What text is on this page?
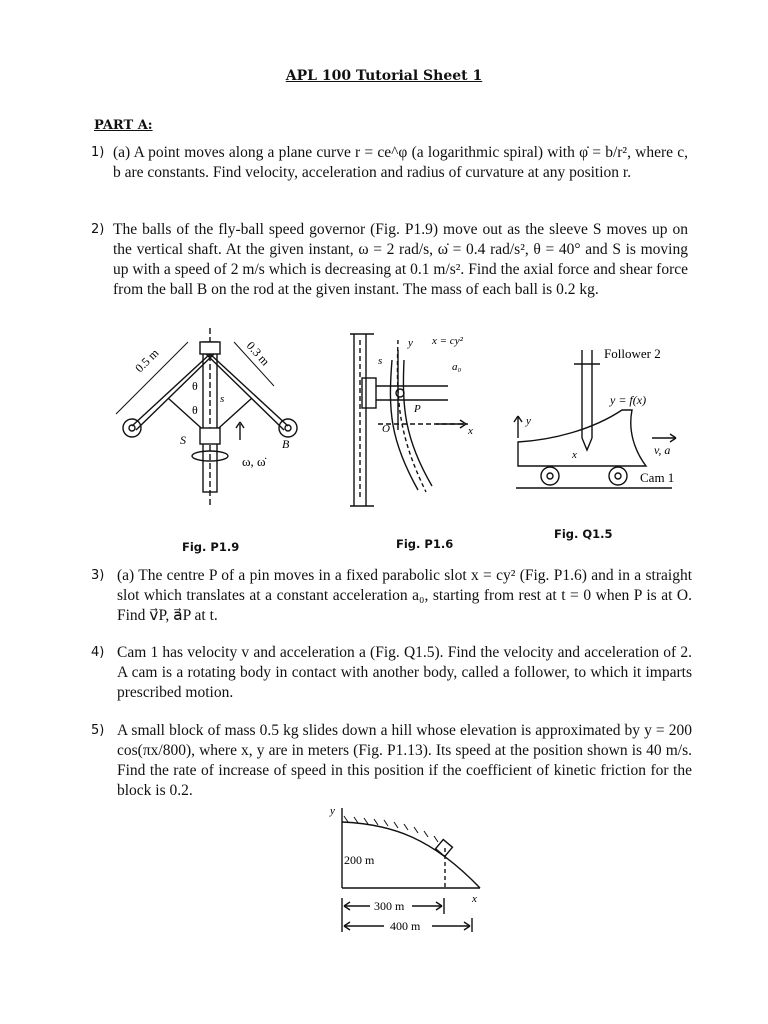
APL 100 Tutorial Sheet 1
PART A:
1) (a) A point moves along a plane curve r = ce^φ (a logarithmic spiral) with φ̇ = b/r², where c, b are constants. Find velocity, acceleration and radius of curvature at any position r.
2) The balls of the fly-ball speed governor (Fig. P1.9) move out as the sleeve S moves up on the vertical shaft. At the given instant, ω = 2 rad/s, ω̇ = 0.4 rad/s², θ = 40° and S is moving up with a speed of 2 m/s which is decreasing at 0.1 m/s². Find the axial force and shear force from the ball B on the rod at the given instant. The mass of each ball is 0.2 kg.
0.5 m	0.3 m
θ
θ
s
S	B
ω, ω̇
Fig. P1.9
y x = cy²
a₀
s
P
O	x
Fig. P1.6
Follower 2
y = f(x)
y
x	v, a
Cam 1
Fig. Q1.5
3) (a) The centre P of a pin moves in a fixed parabolic slot x = cy² (Fig. P1.6) and in a straight slot which translates at a constant acceleration a₀, starting from rest at t = 0 when P is at O. Find v⃗P, a⃗P at t.
4) Cam 1 has velocity v and acceleration a (Fig. Q1.5). Find the velocity and acceleration of 2. A cam is a rotating body in contact with another body, called a follower, to which it imparts prescribed motion.
5) A small block of mass 0.5 kg slides down a hill whose elevation is approximated by y = 200 cos(πx/800), where x, y are in meters (Fig. P1.13). Its speed at the position shown is 40 m/s. Find the rate of increase of speed in this position if the coefficient of kinetic friction for the block is 0.2.
y
200 m
300 m
400 m
x
